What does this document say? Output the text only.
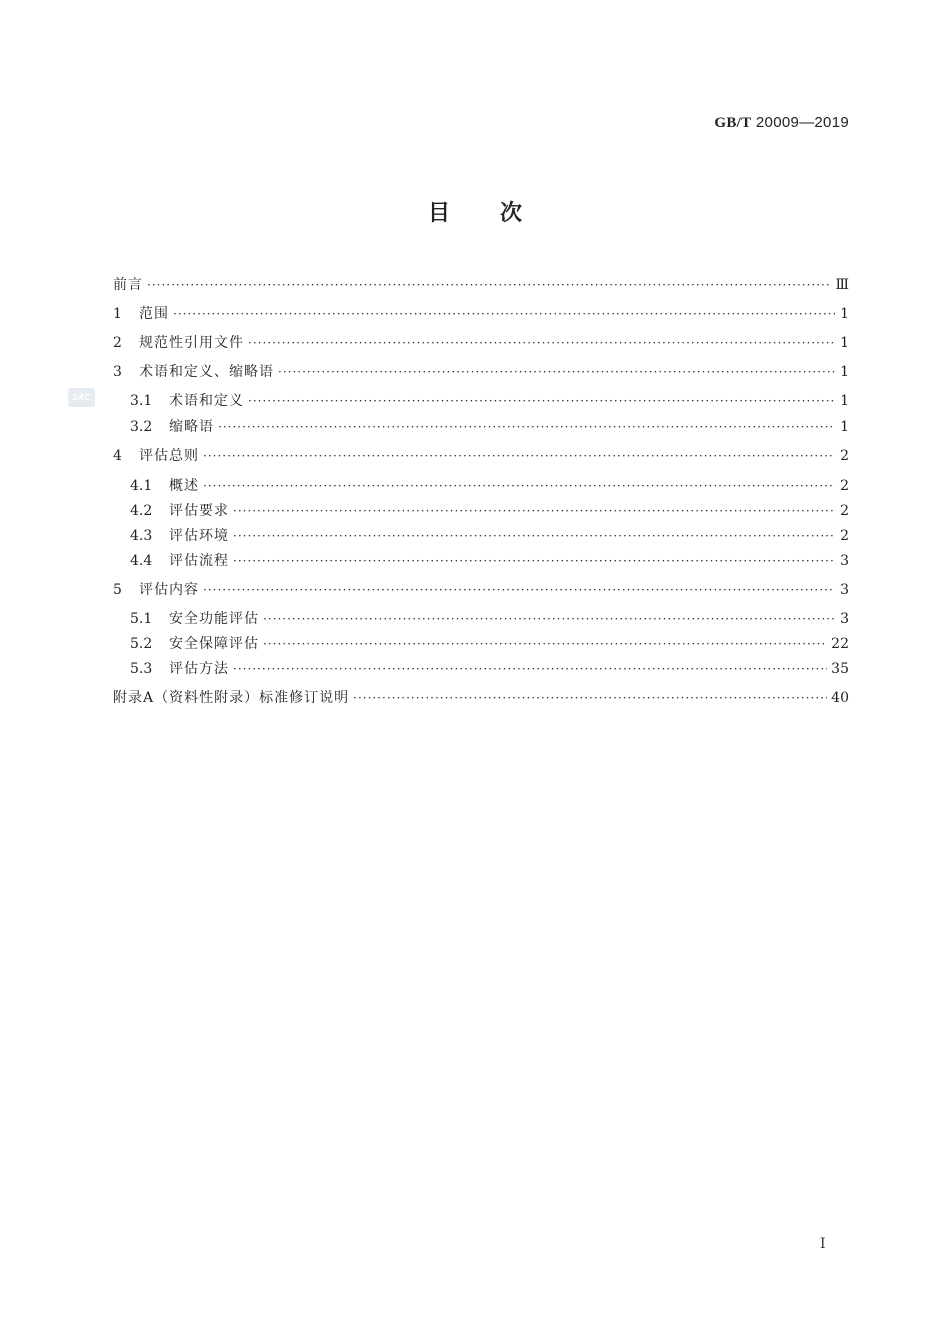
GB/T 20009—2019
目次
SAC
前言 ·····	Ⅲ
1	范围 ·····	1
2	规范性引用文件 ·····	1
3	术语和定义、缩略语 ·····	1
3.1	术语和定义 ·····	1
3.2	缩略语 ·····	1
4	评估总则 ·····	2
4.1	概述 ·····	2
4.2	评估要求 ·····	2
4.3	评估环境 ·····	2
4.4	评估流程 ·····	3
5	评估内容 ·····	3
5.1	安全功能评估 ·····	3
5.2	安全保障评估 ·····	22
5.3	评估方法 ·····	35
附录A（资料性附录）标准修订说明 ·····	40
I
